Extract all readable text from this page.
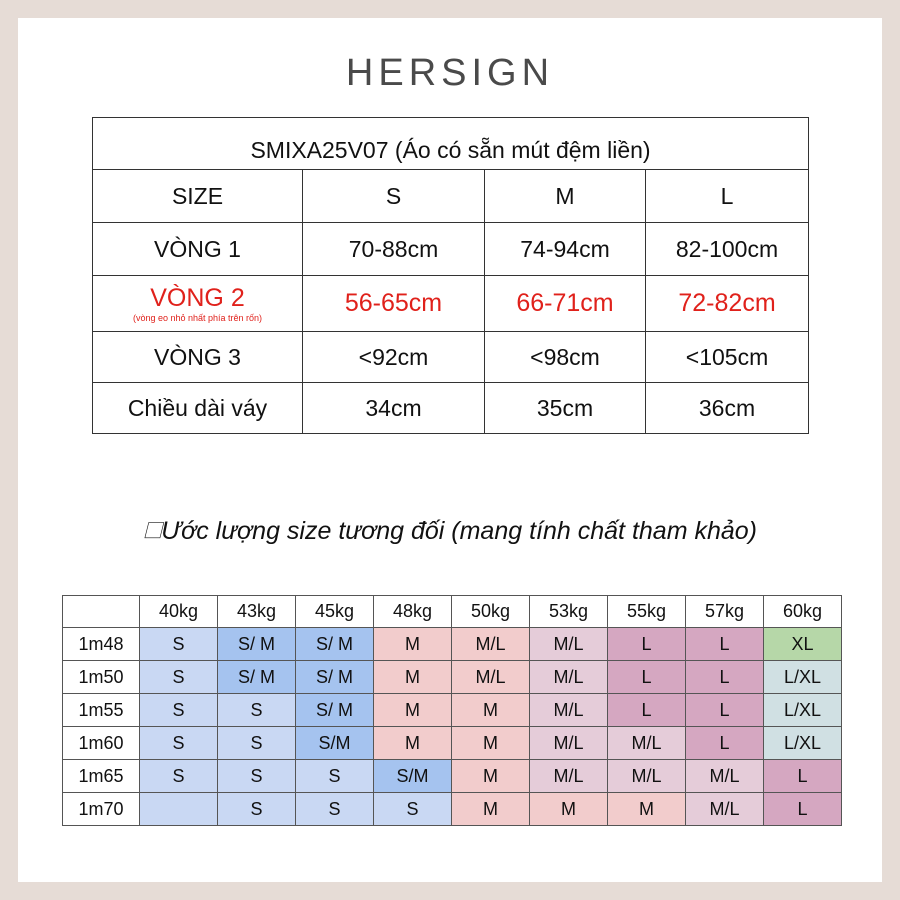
HERSIGN
SMIXA25V07 (Áo có sẵn mút đệm liền)			
SIZE	S	M	L
VÒNG 1	70-88cm	74-94cm	82-100cm
VÒNG 2
(vòng eo nhỏ nhất phía trên rốn)	56-65cm	66-71cm	72-82cm
VÒNG 3	<92cm	<98cm	<105cm
Chiều dài váy	34cm	35cm	36cm
🗆Ước lượng size tương đối (mang tính chất tham khảo)
	40kg	43kg	45kg	48kg	50kg	53kg	55kg	57kg	60kg
1m48	S	S/ M	S/ M	M	M/L	M/L	L	L	XL
1m50	S	S/ M	S/ M	M	M/L	M/L	L	L	L/XL
1m55	S	S	S/ M	M	M	M/L	L	L	L/XL
1m60	S	S	S/M	M	M	M/L	M/L	L	L/XL
1m65	S	S	S	S/M	M	M/L	M/L	M/L	L
1m70		S	S	S	M	M	M	M/L	L
